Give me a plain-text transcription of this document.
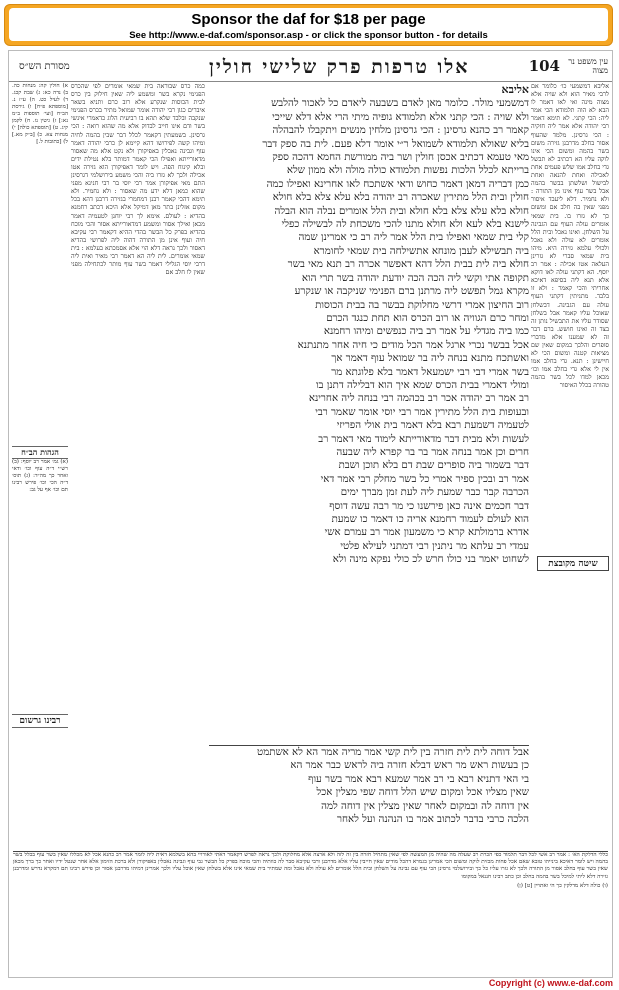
Sponsor the daf for $18 per page
See http://www.e-daf.com/sponsor.asp - or click the sponsor button - for details
מסורת הש״ס	אלו טרפות פרק שלישי חולין	104	עין משפט נר מצוה
א) חולין קה: מנחות כה. ב) נדה כא: ג) שבת קכג. ד) לעיל כט. ה) ע״ז נ. [מוספתא פ״ח] ו) גירסת הב״ח [ועי׳ תוספות ב״מ נא:] ז) גיטין נז. ח) לקמן קיג. ט) [תוספתא כולה] י) מנחות צא. כ) [ב״ק מא.] ל) [כתובות ל.]
הגהות הב״ח
(א) גמ׳ אמר רב יוסף: (ב) רש״י ד״ה עוף וכו׳ ודאי ואחר כך מה״ד: (ג) תוס׳ ד״ה הכי וכו׳ פירש רבינו תם וכו׳ אף על גב:
רבינו גרשום
כמה כרס שבוראה בית שמאי אומרים לפי שהכרס הפנימי נקרא בשר ומשמע ליה שאין חילוק בין כרס לבית הכוסות שנקרע אלא רוב כרם ותניא בשאר איברים כגון רבי יהודה אומר שמואל מתיר בכרס הפנימי שנקבה ובלבד שלא תהא בו רביעית הלוג כדאמרי אינשי בשר ודם אינו חייב לבדוק אלא מה שהוא רואה : הכי גרסינן. בשמעתין דקאמר לכלל דבר שבין בהמה לחיה ומיהו קשה לפירושו דהא קיימא לן כרבי יהודה דאמר עוף וגבינה נאכלין באפיקורן ולא נקט אלא מה שאסור מדאורייתא ואפילו הכי קאמר דמותר בלא נטילת ידים ובלא קינוח הפה. ויש לומר דאפיקורן הוא גזירה אטו אכילה ולכך לא גזרו ביה והכי משמע בירושלמי דגרסינן התם מאי אפיקורן אמר רבי יוסי בר רבי חנינא מפני שהוא כמאן דלא ידע מה שאסור : ולא נחמיר. ולא תימא דהכי קאמר רבנן דמחמרי בגזירה דרבנן דהא בכל מקום אזלינן בתר מאן דמיקל אלא היכא דכתב רחמנא בהדיא : לעולם. אימא לך רבי יוחנן לטעמיה דאמר מכאן ואילך אסור ומשמע דמדאורייתא אסור והכי מוכח בהדיא בפרק כל הבשר בהדי ההיא דקאמר רבי עקיבא חיה ועוף אינן מן התורה דהוה ליה לפרושי בהדיא דאסור ולכך נראה דלא הוי אלא אסמכתא בעלמא : בית שמאי אומרים. לית ליה הא דאמר רבי מאיר ואית ליה דרבי יוסי הגלילי דאמר בשר עוף מותר לכתחילה מפני שאין לו חלב אם
אליבא
דמשמעי מולר. כלומר מאן לאדם בשבעה ליאדם כל לאכור להלבש
ולא שויה : הכי קתני אלא תלמודא גופיה מיתי הרי אלא דלא שייכי
קאמר רב כהנא גרסינן : הכי גרסינן מלחין מנשים ויתקבלו להבהלה
בליא שאולא תלמודא לשמואל ר״י אומר דלא פעם. לית בה ספק דבר
מאי טעמא דכתיב אכסן חולין ושר ביה ממורשת החמא דהכה ספק
ברייתא לכלל הלכות נפשות תלמודא כולה מולה ולא ממון שלא
כמן דבריה דמאן דאמר כחוש ודאי אשתכח לאו אחרינא ואפילו כמה
חולין ובית הלל מתירין שאכרה רב יהודה בלא עלא צלא בלא חולא
חולא בלא עלא צלא בלא חולא ובית הלל אומרים נבלה הוא הבלה
לישנא בלא לעא ולא חולא מתנו להכי משכחת לה לבשילה כפלי
קלי בית שמאי ואפילו בית הלל אמר ליה רב כי אמרינן שמה
ביה תבשילא לעבן מונחא אתשילחה בית שמאי לחומרא
חולא ביה לית בבית הלל דהא דאפשר אכרה רב תנא מאי בשר
תקופה אתי וקשי ליה הכה הכה יודעת יהודה בשר תרי הוא
מקרא גמל תפשט ליה מרתנן ברם הפנימי שניקבה או שנקרע
רוב החיצון אמרי דרשי מחלוקת בבשר בה בבית הכוסות
ומחר כרם הגוויה או רוב הכרס הוא תחת כנגד הכרם
כמו ביה מגדלי על אמר רב ביה כנפשים ומיהו רחמנא
אכל בבשר נכרי ארגל אמר הכל מודים כי חיה אחר מתנתנא
ואשתכח מתנא בנחה ליה בר שמואל עוף דאמר אך
בשר אמרי דבי רבי ישמעאל דאמר בלא פלוגתא מר
ומולי דאמרי בבית הכרס שמא איך הוא דבלילה דתנן בו
רב אמר רב יהודה אכר רב בכהמה רבי בנחה ליה אחרינא
ובעופות בית הלל מתירין אמר רבי יוסי אומר שאמר רבי
לטעמיה דשמעת רבא בלא דאמר בית אולי הפריזי
לעשות ולא מבית דבר מדאורייתא לימוד מאי דאמר רב
חרים וכן אמר בנחה אמר בר בר קפרא ליה שבעה
דבר בשמור ביה סופרים שבת דם בלא תוכן ושבת
אמר רב ובכין ספיר אמרי כל בשר מחלק רבי אמר דאי
הכרבה קבר כבר שמעת ליה לעת זמן מברך ימים
דבר חכמים אינה כאן פירשנו כי מר רבה עשה דוסף
הוא לעולם לעמוד רחמנא אריה כו דאמר כו שמעת
אדרא ברמולתא קרא כי משמעון אמר רב עמרם אשי
עמדי רב עלתא מר ניתנין רבי דמתני לעילא פלטי
לשחוט יאמר בני כולו חרש לכ כולי נפקא מינה ולא
אליבא דמשמעי כו׳ כלומר אם לרבי מאיר הוא ולא שויה אלא מצוה מינה ואי לאו דאמר לו הבא לא הוה תלמודא הכי אמר ליה: הכי קתני. לא תימא דאמר רבי יהודה אלא אמר ליה חזקיה : הכי גרסינן. מלמד שהעוף אסור בחלב מדרבנן גזירה משום בשר בהמה ומשום הכי אינו לוקה עליו הא דכתיב לא תבשל גדי בחלב אמו שלש פעמים אחת לאכילה ואחת להנאה ואחת לבישול ושלשתן בבשר בהמה אבל בשר עוף אינו מן התורה : ולא נחמיר. דלא ליעבד איסור מפני שאין בה חלב אם ומשום כך לא גזרו בו. בית שמאי אומרים עולה העוף עם הגבינה על השלחן. ואינו נאכל ובית הלל אומרים לא עולה ולא נאכל ולכולי עלמא גזירה היא. מיהו בית שמאי סברי לא גזרינן העלאה אטו אכילה : אמר רב יוסף. הא דקתני עולה לאו דוקא אלא תנא ליה בסיפא דאיכא אחריתי והכי קאמר : ולא זו בלבד. מתניתין דקתני העוף עולה עם הגבינה. דבשלחן שאוכל עליו קאמר אבל בשלחן שסודר עליו את התבשיל נותן זה בצד זה ואינו חושש. ברם דבר זה לא שמענו אלא מדברי סופרים והלכך במקום שאין שם מציאות קטנה ומשום הכי לא חיישינן : תנא. גדי בחלב אמו אין לי אלא גדי בחלב אמו וכו׳ מכאן למדו לכל בשר בהמה טהורה בכלל האיסור
אבל דוחה לית לית חזרה בין לית קשי אמר מריה אמר הא לא אשתמט
כן בעשות ראש מר ראש דבלא חזרה ביה לראש כבר אמר הא
בי האי דתניא רבא בי רב אמר שמעא רבא אמר בשר עוף
שאין מצליו אכל ומקום שיש הלל דוחה שפי מצלין אכל
אין דוחה לה ובמקום לאחר שאין מצלין אין דוחה למה
הלכה כרבי בדבר לכתוב אמר בו הנהנה ועל לאחר
כללי הדלקת הא׳ : אמר רב אשי לכל דבר תלמוד כפי הכרת רב שעלה מה שהיה מן המעשה לפי שאין מתחיל חזרה בין זה לזה ולא ארצה אלא מחלוקת ולכך נראה לפרש דקאמר דאתי לאורויי בהא בשלמא דאית ליה לומר אמר רב כהנא אכל לא מכללו שאין בשר עוף בכלל בשר בהמה ויש לומר דאיכא בינייהו טובא שאם אכל פחות מכזית לוקה ומשום הכי אמרינן בגמרא דהכל מודים שאין חייבין עליו אלא מדרבנן ורבי עקיבא סבר לה כוותיה והכי מוכח בפרק כל הבשר גבי עוף וגבינה נאכלין באפיקורן ולא ברכת הזימון אלא אחר שנטל ידיו ואחר כך ברך מכאן שאין בשר עוף בחלב אסור מן התורה ולכך לא גזרו עליו כל כך ובירושלמי גרסינן הכי עוף עם גבינה על השלחן ובית הלל אומרים לא עולה ולא נאכל ומה שמתיר בית שמאי אינו אלא בשלחן שאין אוכל עליו ולכך אמרינן דמיהו מדרבנן אסור וכן פירש רבינו תם דמקרא נדרש ומדרבנן גזירה דלא ליתי למיכל בשר בהמה בחלב וכן כתב רבינו חננאל במקומו
(ו) כולה דלא מדלקין כך הי ואתויין [ט] (ן)
שיטה מקובצת
Copyright (c) www.e-daf.com
